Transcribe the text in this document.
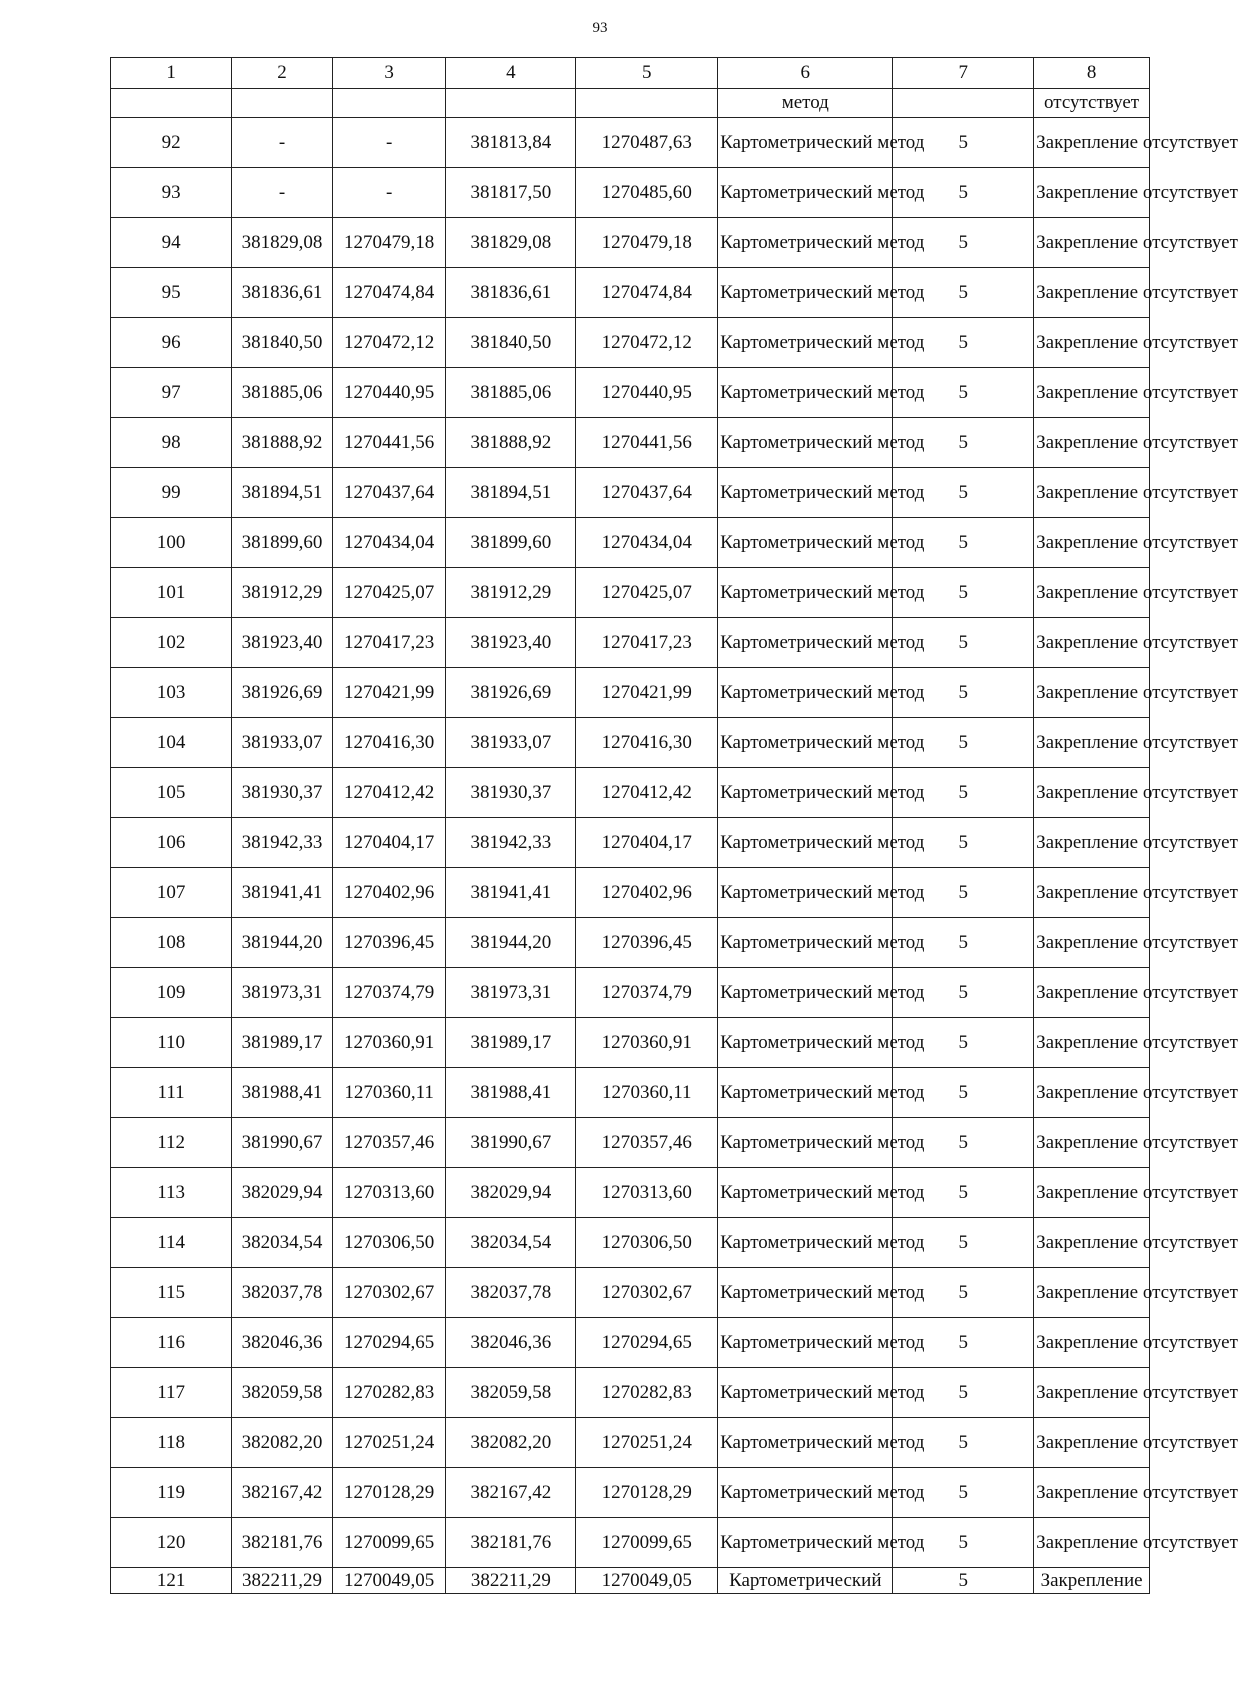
93
1	2	3	4	5	6	7	8
					метод		отсутствует
92	-	-	381813,84	1270487,63	Картометрический метод	5	Закрепление отсутствует
93	-	-	381817,50	1270485,60	Картометрический метод	5	Закрепление отсутствует
94	381829,08	1270479,18	381829,08	1270479,18	Картометрический метод	5	Закрепление отсутствует
95	381836,61	1270474,84	381836,61	1270474,84	Картометрический метод	5	Закрепление отсутствует
96	381840,50	1270472,12	381840,50	1270472,12	Картометрический метод	5	Закрепление отсутствует
97	381885,06	1270440,95	381885,06	1270440,95	Картометрический метод	5	Закрепление отсутствует
98	381888,92	1270441,56	381888,92	1270441,56	Картометрический метод	5	Закрепление отсутствует
99	381894,51	1270437,64	381894,51	1270437,64	Картометрический метод	5	Закрепление отсутствует
100	381899,60	1270434,04	381899,60	1270434,04	Картометрический метод	5	Закрепление отсутствует
101	381912,29	1270425,07	381912,29	1270425,07	Картометрический метод	5	Закрепление отсутствует
102	381923,40	1270417,23	381923,40	1270417,23	Картометрический метод	5	Закрепление отсутствует
103	381926,69	1270421,99	381926,69	1270421,99	Картометрический метод	5	Закрепление отсутствует
104	381933,07	1270416,30	381933,07	1270416,30	Картометрический метод	5	Закрепление отсутствует
105	381930,37	1270412,42	381930,37	1270412,42	Картометрический метод	5	Закрепление отсутствует
106	381942,33	1270404,17	381942,33	1270404,17	Картометрический метод	5	Закрепление отсутствует
107	381941,41	1270402,96	381941,41	1270402,96	Картометрический метод	5	Закрепление отсутствует
108	381944,20	1270396,45	381944,20	1270396,45	Картометрический метод	5	Закрепление отсутствует
109	381973,31	1270374,79	381973,31	1270374,79	Картометрический метод	5	Закрепление отсутствует
110	381989,17	1270360,91	381989,17	1270360,91	Картометрический метод	5	Закрепление отсутствует
111	381988,41	1270360,11	381988,41	1270360,11	Картометрический метод	5	Закрепление отсутствует
112	381990,67	1270357,46	381990,67	1270357,46	Картометрический метод	5	Закрепление отсутствует
113	382029,94	1270313,60	382029,94	1270313,60	Картометрический метод	5	Закрепление отсутствует
114	382034,54	1270306,50	382034,54	1270306,50	Картометрический метод	5	Закрепление отсутствует
115	382037,78	1270302,67	382037,78	1270302,67	Картометрический метод	5	Закрепление отсутствует
116	382046,36	1270294,65	382046,36	1270294,65	Картометрический метод	5	Закрепление отсутствует
117	382059,58	1270282,83	382059,58	1270282,83	Картометрический метод	5	Закрепление отсутствует
118	382082,20	1270251,24	382082,20	1270251,24	Картометрический метод	5	Закрепление отсутствует
119	382167,42	1270128,29	382167,42	1270128,29	Картометрический метод	5	Закрепление отсутствует
120	382181,76	1270099,65	382181,76	1270099,65	Картометрический метод	5	Закрепление отсутствует
121	382211,29	1270049,05	382211,29	1270049,05	Картометрический	5	Закрепление
